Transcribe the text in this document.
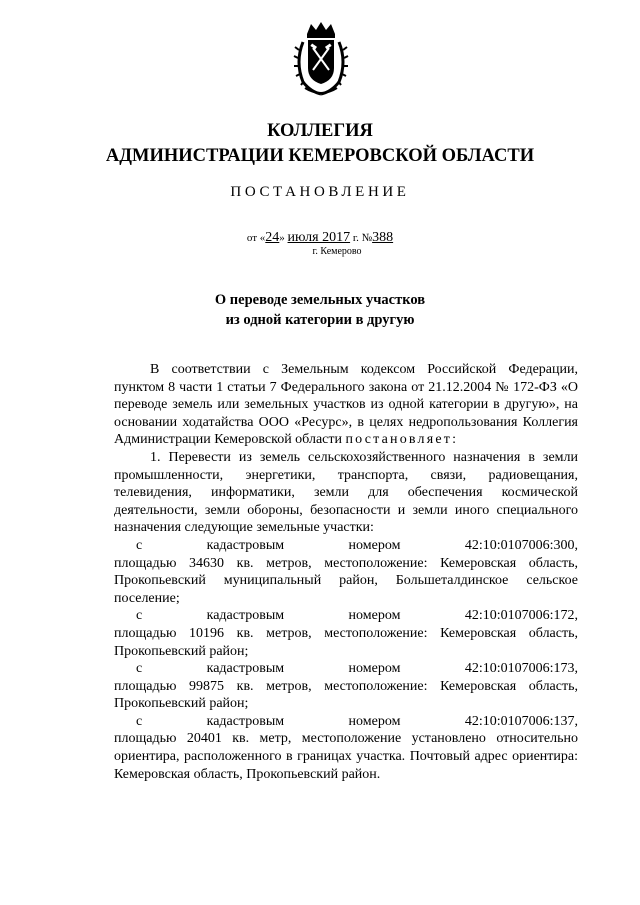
КОЛЛЕГИЯ
АДМИНИСТРАЦИИ КЕМЕРОВСКОЙ ОБЛАСТИ
ПОСТАНОВЛЕНИЕ
от «24» июля 2017 г. №388
г. Кемерово
О переводе земельных участков
из одной категории в другую

В соответствии с Земельным кодексом Российской Федерации, пунктом 8 части 1 статьи 7 Федерального закона от 21.12.2004 № 172-ФЗ «О переводе земель или земельных участков из одной категории в другую», на основании ходатайства ООО «Ресурс», в целях недропользования Коллегия Администрации Кемеровской области постановляет:

1. Перевести из земель сельскохозяйственного назначения в земли промышленности, энергетики, транспорта, связи, радиовещания, телевидения, информатики, земли для обеспечения космической деятельности, земли обороны, безопасности и земли иного специального назначения следующие земельные участки:

с	кадастровым	номером	42:10:0107006:300,

площадью 34630 кв. метров, местоположение: Кемеровская область, Прокопьевский муниципальный район, Большеталдинское сельское поселение;

с	кадастровым	номером	42:10:0107006:172,

площадью 10196 кв. метров, местоположение: Кемеровская область, Прокопьевский район;

с	кадастровым	номером	42:10:0107006:173,

площадью 99875 кв. метров, местоположение: Кемеровская область, Прокопьевский район;

с	кадастровым	номером	42:10:0107006:137,

площадью 20401 кв. метр, местоположение установлено относительно ориентира, расположенного в границах участка. Почтовый адрес ориентира: Кемеровская область, Прокопьевский район.
